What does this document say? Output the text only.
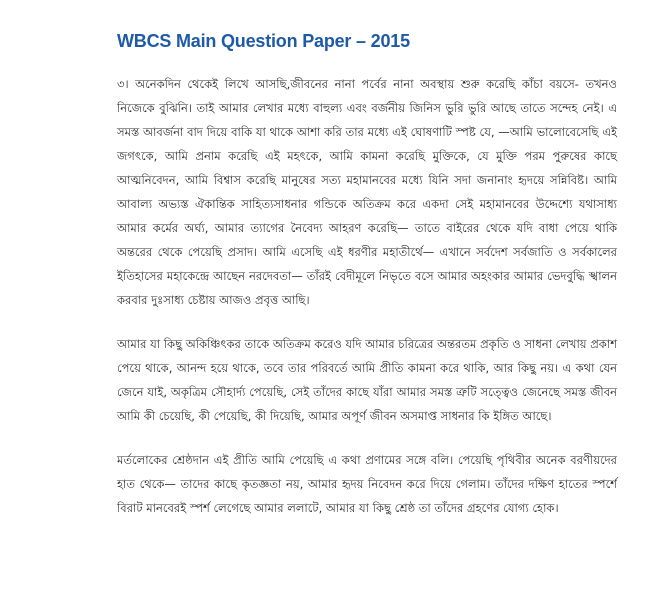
WBCS Main Question Paper – 2015

৩। অনেকদিন থেকেই লিখে আসছি,জীবনের নানা পর্বের নানা অবস্থায় শুরু করেছি কাঁচা বয়সে- তখনও নিজেকে বুঝিনি। তাই আমার লেখার মধ্যে বাহুল্য এবং বর্জনীয় জিনিস ভুরি ভুরি আছে তাতে সন্দেহ নেই। এ সমস্ত আবর্জনা বাদ দিয়ে বাকি যা থাকে আশা করি তার মধ্যে এই ঘোষণাটি স্পষ্ট যে, —আমি ভালোবেসেছি এই জগৎকে, আমি প্রনাম করেছি এই মহৎকে, আমি কামনা করেছি মুক্তিকে, যে মুক্তি পরম পুরুষের কাছে আত্মনিবেদন, আমি বিশ্বাস করেছি মানুষের সত্য মহামানবের মধ্যে যিনি সদা জনানাং হৃদয়ে সন্নিবিষ্ট। আমি আবাল্য অভ্যস্ত ঐকান্তিক সাহিত্যসাধনার গন্ডিকে অতিক্রম করে একদা সেই মহামানবের উদ্দেশ্যে যথাসাধ্য আমার কর্মের অর্ঘ্য, আমার ত্যাগের নৈবেদ্য আহরণ করেছি— তাতে বাইরের থেকে যদি বাধা পেয়ে থাকি অন্তরের থেকে পেয়েছি প্রসাদ। আমি এসেছি এই ধরণীর মহাতীর্থে— এখানে সর্বদেশ সর্বজাতি ও সর্বকালের ইতিহাসের মহাকেন্দ্রে আছেন নরদেবতা— তাঁরই বেদীমূলে নিভৃতে বসে আমার অহংকার আমার ভেদবুদ্ধি স্খালন করবার দুঃসাধ্য চেষ্টায় আজও প্রবৃত্ত আছি।

আমার যা কিছু অকিঞ্চিৎকর তাকে অতিক্রম করেও যদি আমার চরিত্রের অন্তরতম প্রকৃতি ও সাধনা লেখায় প্রকাশ পেয়ে থাকে, আনন্দ হয়ে থাকে, তবে তার পরিবর্তে আমি প্রীতি কামনা করে থাকি, আর কিছু নয়। এ কথা যেন জেনে যাই, অকৃত্রিম সৌহার্দ্য পেয়েছি, সেই তাঁদের কাছে যাঁরা আমার সমস্ত ত্রুটি সত্ত্বেও জেনেছে সমস্ত জীবন আমি কী চেয়েছি, কী পেয়েছি, কী দিয়েছি, আমার অপূর্ণ জীবন অসমাপ্ত সাধনার কি ইঙ্গিত আছে।

মর্তলোকের শ্রেষ্ঠদান এই প্রীতি আমি পেয়েছি এ কথা প্রণামের সঙ্গে বলি। পেয়েছি পৃথিবীর অনেক বরণীয়দের হাত থেকে— তাদের কাছে কৃতজ্ঞতা নয়, আমার হৃদয় নিবেদন করে দিয়ে গেলাম। তাঁদের দক্ষিণ হাতের স্পর্শে বিরাট মানবেরই স্পর্শ লেগেছে আমার ললাটে, আমার যা কিছু শ্রেষ্ঠ তা তাঁদের গ্রহণের যোগ্য হোক।
